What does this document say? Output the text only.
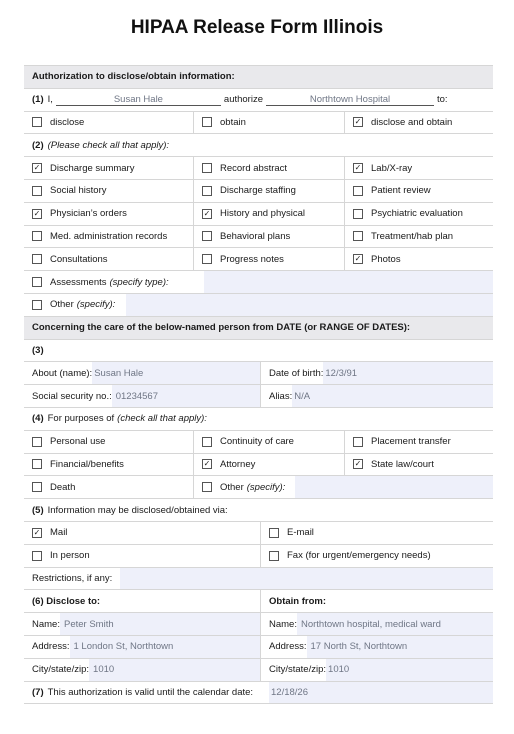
HIPAA Release Form Illinois
Authorization to disclose/obtain information:
(1) I,	Susan Hale	authorize	Northtown Hospital	to:
disclose	obtain	✓ disclose and obtain
(2) (Please check all that apply):
✓ Discharge summary	Record abstract	✓ Lab/X-ray
Social history	Discharge staffing	Patient review
✓ Physician’s orders	✓ History and physical	Psychiatric evaluation
Med. administration records	Behavioral plans	Treatment/hab plan
Consultations	Progress notes	✓ Photos
Assessments (specify type):
Other (specify):
Concerning the care of the below-named person from DATE (or RANGE OF DATES):
(3)
About (name): Susan Hale	Date of birth: 12/3/91
Social security no.: 01234567	Alias: N/A
(4) For purposes of (check all that apply):
Personal use	Continuity of care	Placement transfer
Financial/benefits	✓ Attorney	✓ State law/court
Death	Other (specify):
(5) Information may be disclosed/obtained via:
✓ Mail	E-mail
In person	Fax (for urgent/emergency needs)
Restrictions, if any:
(6) Disclose to:	Obtain from:
Name: Peter Smith	Name: Northtown hospital, medical ward
Address: 1 London St, Northtown	Address: 17 North St, Northtown
City/state/zip: 1010	City/state/zip: 1010
(7) This authorization is valid until the calendar date: 12/18/26
